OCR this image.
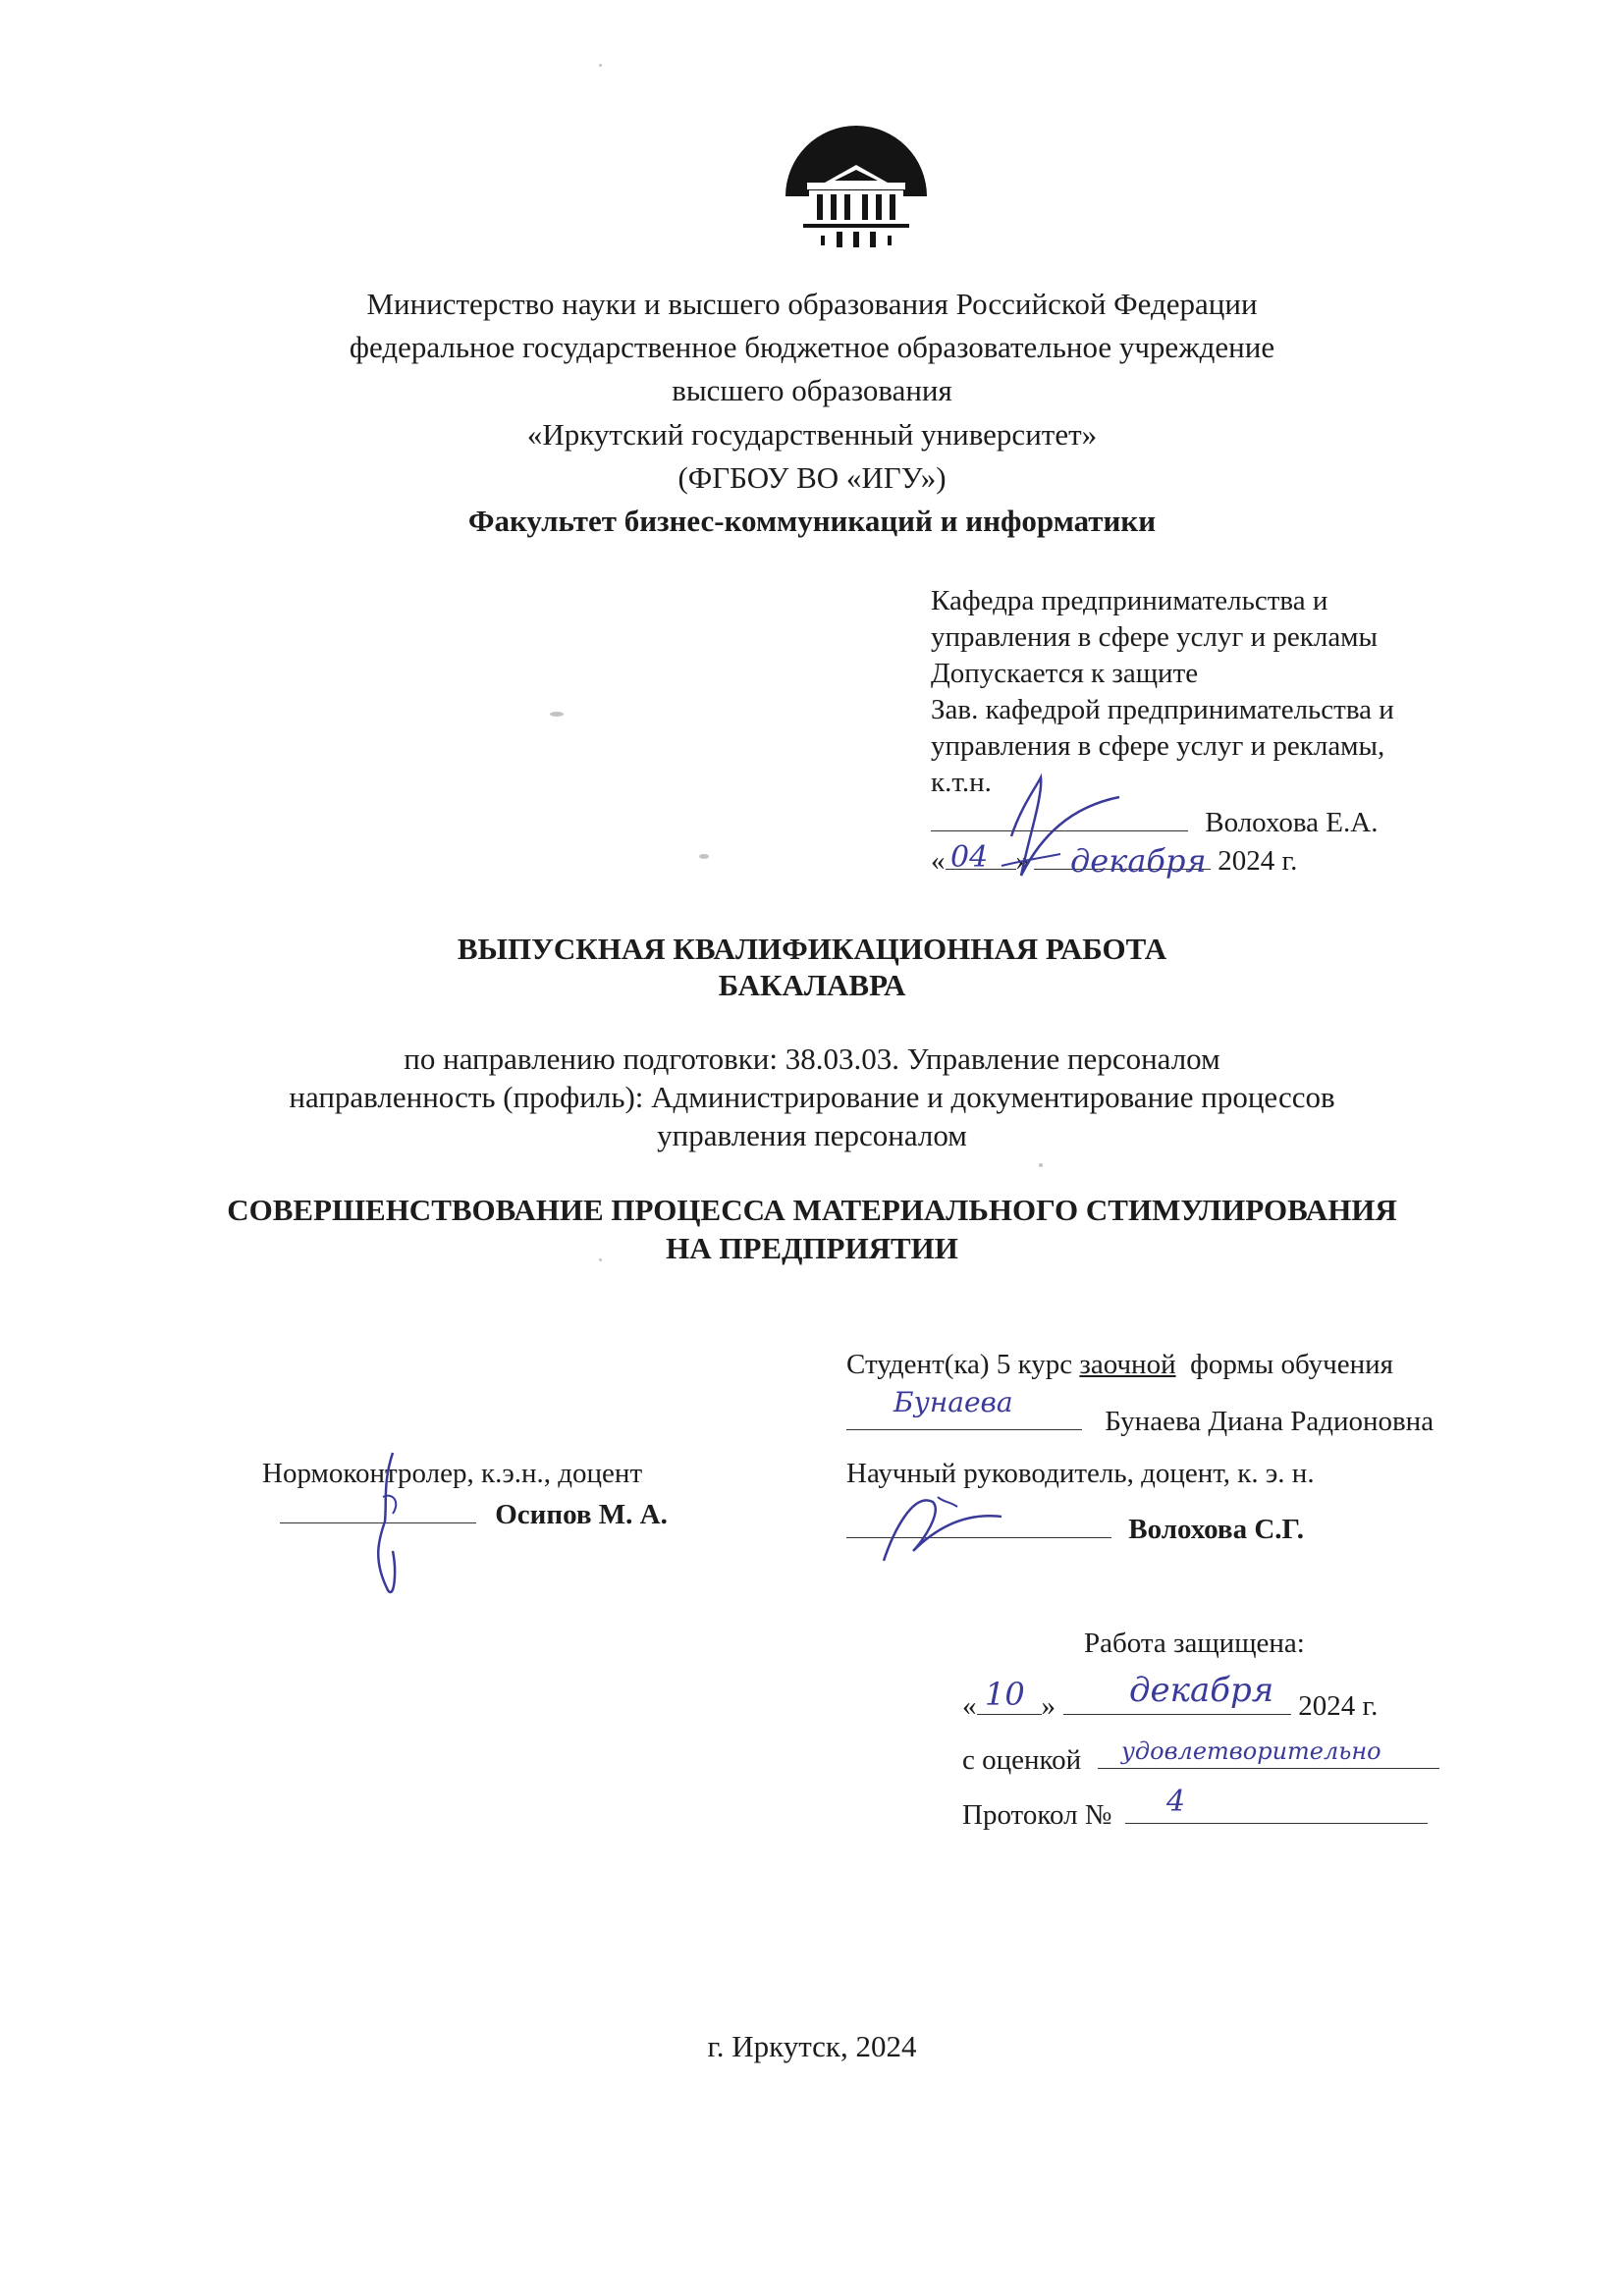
Министерство науки и высшего образования Российской Федерации
федеральное государственное бюджетное образовательное учреждение
высшего образования
«Иркутский государственный университет»
(ФГБОУ ВО «ИГУ»)
Факультет бизнес-коммуникаций и информатики
Кафедра предпринимательства и
управления в сфере услуг и рекламы
Допускается к защите
Зав. кафедрой предпринимательства и
управления в сфере услуг и рекламы,
к.т.н.
Волохова Е.А.
« »	2024 г.
04	декабря
ВЫПУСКНАЯ КВАЛИФИКАЦИОННАЯ РАБОТА
БАКАЛАВРА
по направлению подготовки: 38.03.03. Управление персоналом
направленность (профиль): Администрирование и документирование процессов
управления персоналом
СОВЕРШЕНСТВОВАНИЕ ПРОЦЕССА МАТЕРИАЛЬНОГО СТИМУЛИРОВАНИЯ
НА ПРЕДПРИЯТИИ
Студент(ка) 5 курс заочной формы обучения
Бунаева Диана Радионовна
Бунаева
Нормоконтролер, к.э.н., доцент
Осипов М. А.
Научный руководитель, доцент, к. э. н.
Волохова С.Г.
Работа защищена:
« »	2024 г.
10	декабря
с оценкой	удовлетворительно
Протокол №	4
г. Иркутск, 2024
